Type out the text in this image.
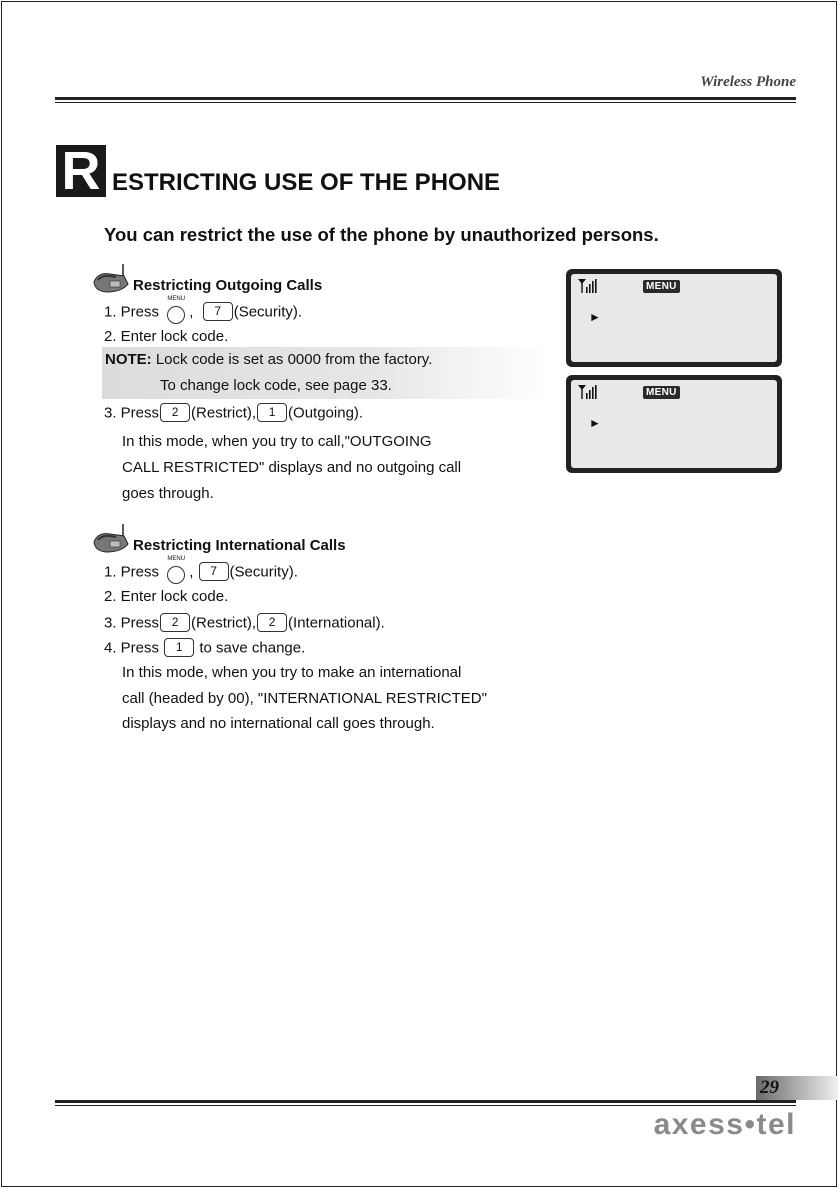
Wireless Phone
R ESTRICTING USE OF THE PHONE
You can restrict the use of the phone by unauthorized persons.
Restricting Outgoing Calls
1. Press
MENU
, 7 (Security).
2. Enter lock code.
NOTE: Lock code is set as 0000 from the factory.
To change lock code, see page 33.
3. Press 2 (Restrict), 1 (Outgoing).
In this mode, when you try to call,"OUTGOING
CALL RESTRICTED" displays and no outgoing call
goes through.
Restricting International Calls
1. Press
MENU
, 7 (Security).
2. Enter lock code.
3. Press 2 (Restrict), 2 (International).
4. Press 1 to save change.
In this mode, when you try to make an international
call (headed by 00), "INTERNATIONAL RESTRICTED"
displays and no international call goes through.
MENU
►
MENU
►
29
axess•tel
